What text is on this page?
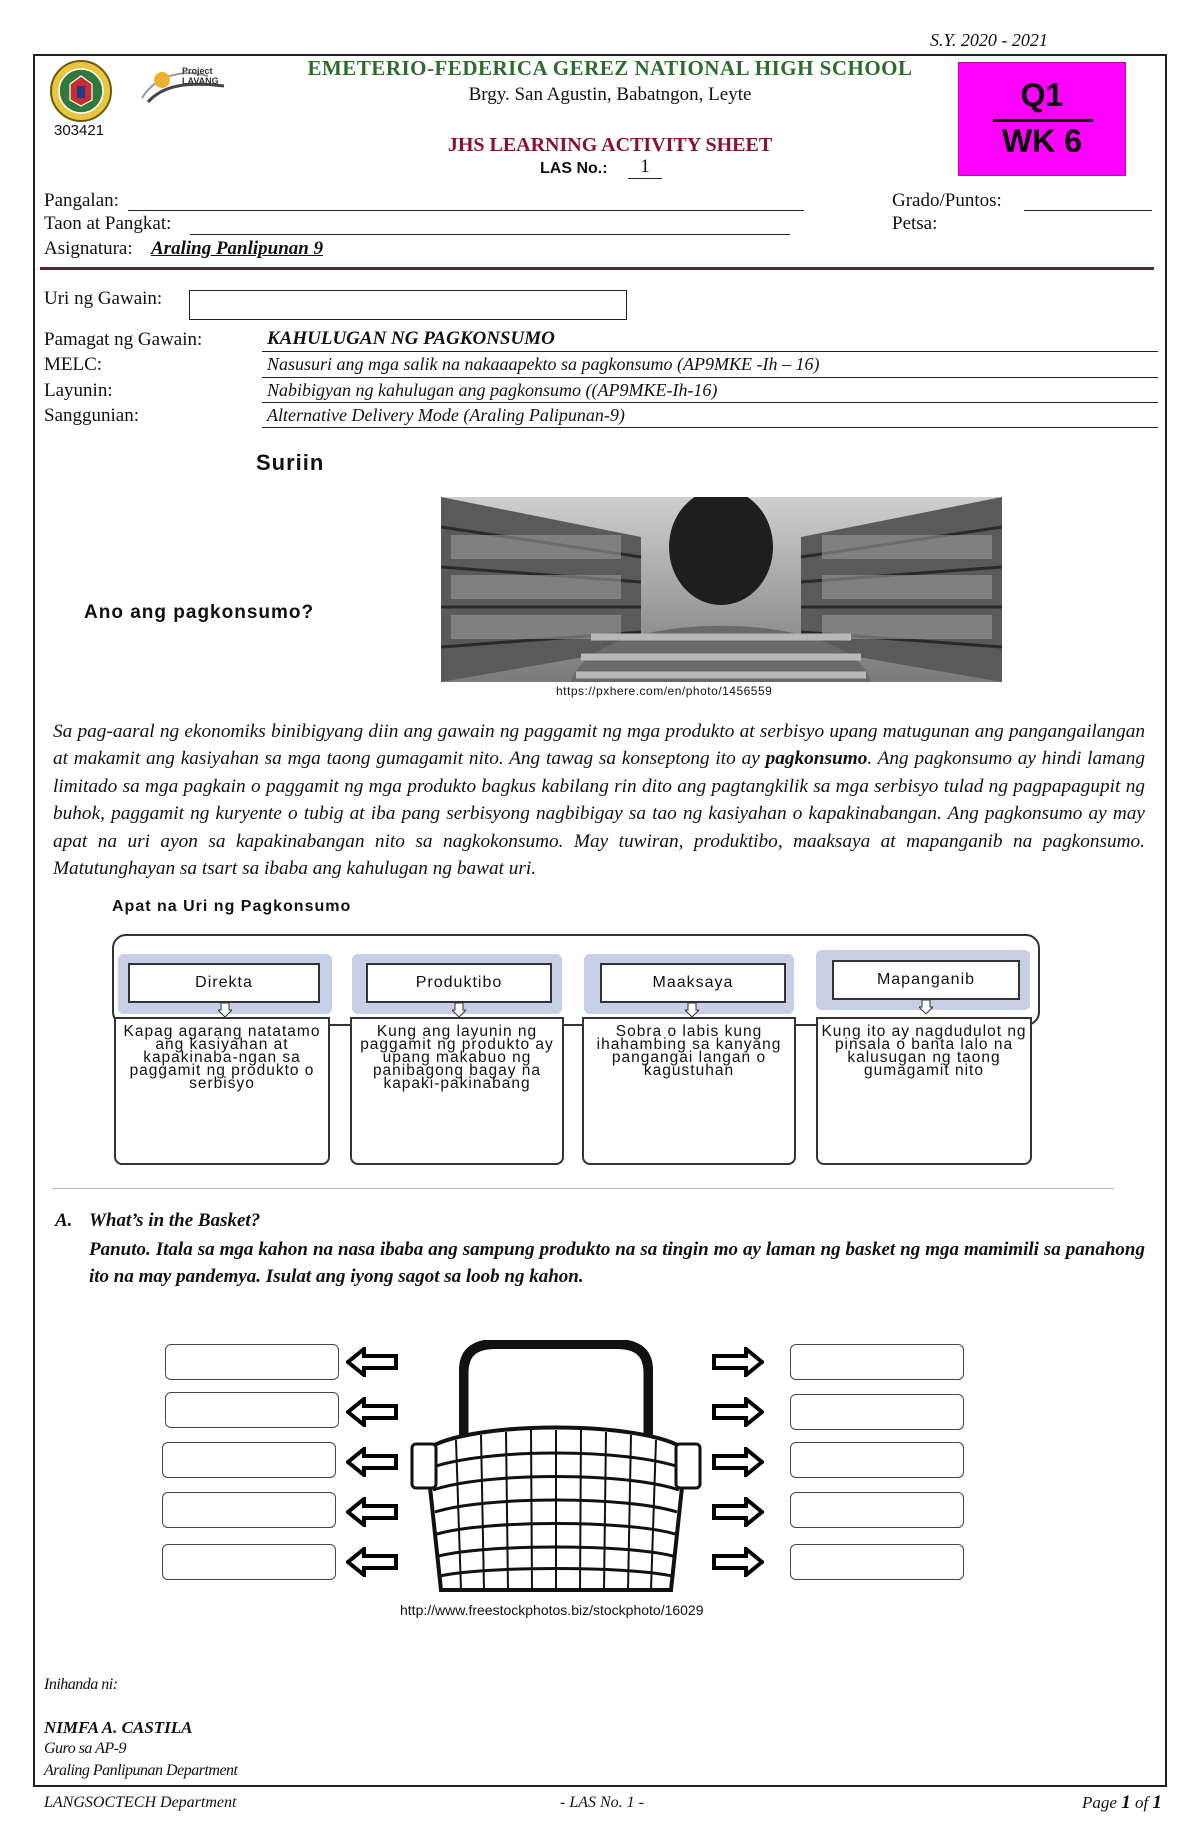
S.Y. 2020 - 2021
Project LAVANG
303421
EMETERIO-FEDERICA GEREZ NATIONAL HIGH SCHOOL
Brgy. San Agustin, Babatngon, Leyte
JHS LEARNING ACTIVITY SHEET
LAS No.:	1
Q1
WK 6
Pangalan:	Grado/Puntos:
Taon at Pangkat:	Petsa:
Asignatura: Araling Panlipunan 9
Uri ng Gawain:
Pamagat ng Gawain:	KAHULUGAN NG PAGKONSUMO
MELC:	Nasusuri ang mga salik na nakaaapekto sa pagkonsumo (AP9MKE -Ih – 16)
Layunin:	Nabibigyan ng kahulugan ang pagkonsumo ((AP9MKE-Ih-16)
Sanggunian:	Alternative Delivery Mode (Araling Palipunan-9)
Suriin
Ano ang pagkonsumo?
https://pxhere.com/en/photo/1456559
Sa pag-aaral ng ekonomiks binibigyang diin ang gawain ng paggamit ng mga produkto at serbisyo upang matugunan ang pangangailangan at makamit ang kasiyahan sa mga taong gumagamit nito. Ang tawag sa konseptong ito ay pagkonsumo. Ang pagkonsumo ay hindi lamang limitado sa mga pagkain o paggamit ng mga produkto bagkus kabilang rin dito ang pagtangkilik sa mga serbisyo tulad ng pagpapagupit ng buhok, paggamit ng kuryente o tubig at iba pang serbisyong nagbibigay sa tao ng kasiyahan o kapakinabangan. Ang pagkonsumo ay may apat na uri ayon sa kapakinabangan nito sa nagkokonsumo. May tuwiran, produktibo, maaksaya at mapanganib na pagkonsumo. Matutunghayan sa tsart sa ibaba ang kahulugan ng bawat uri.
Apat na Uri ng Pagkonsumo
Direkta	Produktibo	Maaksaya	Mapanganib
Kapag agarang natatamo ang kasiyahan at kapakinaba-ngan sa paggamit ng produkto o serbisyo
Kung ang layunin ng paggamit ng produkto ay upang makabuo ng panibagong bagay na kapaki-pakinabang
Sobra o labis kung ihahambing sa kanyang pangangai langan o kagustuhan
Kung ito ay nagdudulot ng pinsala o banta lalo na kalusugan ng taong gumagamit nito
A. What’s in the Basket?
Panuto. Itala sa mga kahon na nasa ibaba ang sampung produkto na sa tingin mo ay laman ng basket ng mga mamimili sa panahong ito na may pandemya. Isulat ang iyong sagot sa loob ng kahon.
http://www.freestockphotos.biz/stockphoto/16029
Inihanda ni:
NIMFA A. CASTILA
Guro sa AP-9
Araling Panlipunan Department
LANGSOCTECH Department	- LAS No. 1 -	Page 1 of 1
